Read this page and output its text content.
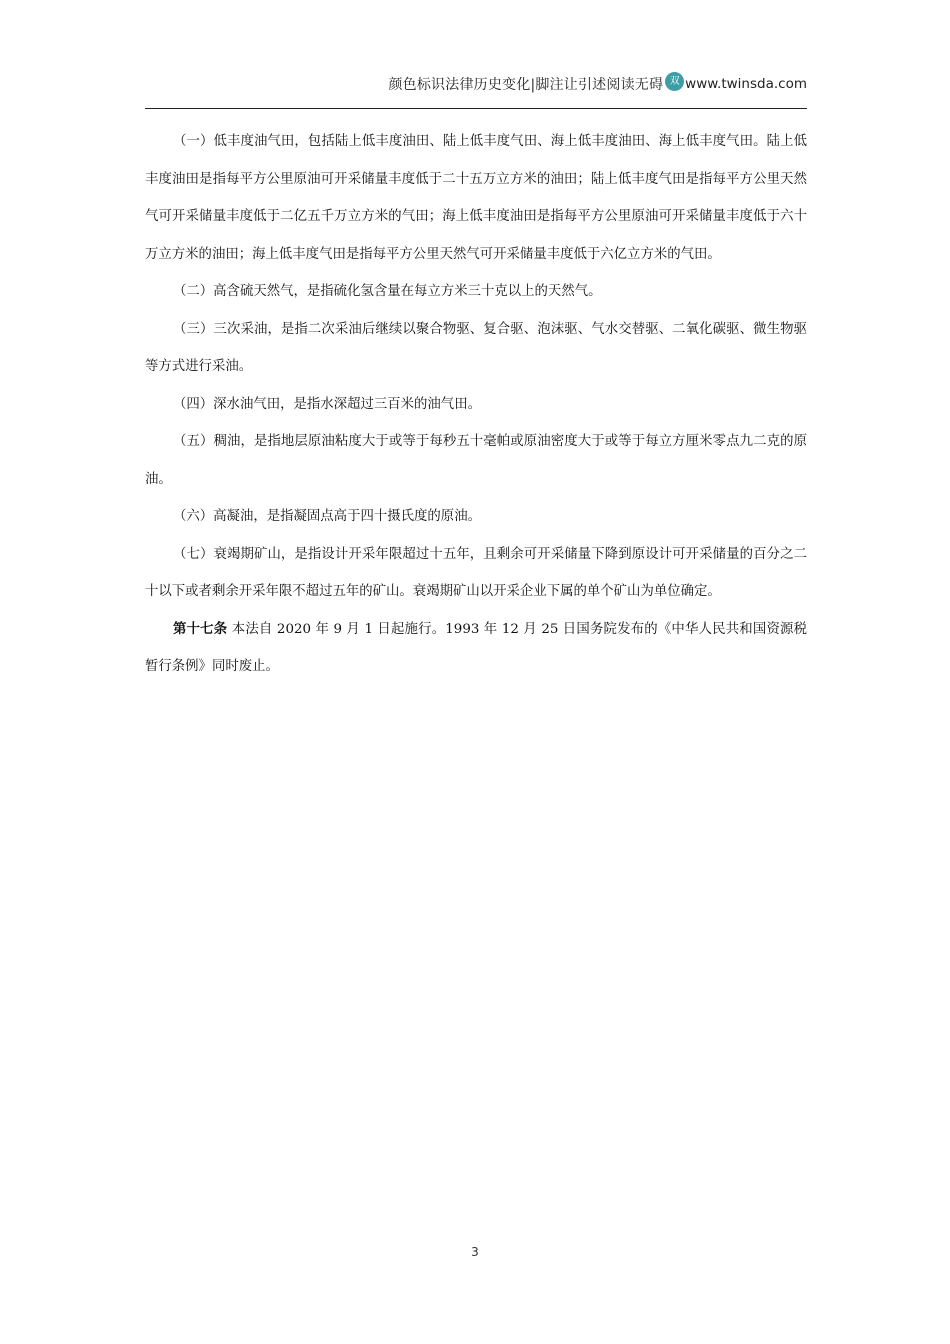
颜色标识法律历史变化|脚注让引述阅读无碍 双 www.twinsda.com

（一）低丰度油气田，包括陆上低丰度油田、陆上低丰度气田、海上低丰度油田、海上低丰度气田。陆上低丰度油田是指每平方公里原油可开采储量丰度低于二十五万立方米的油田；陆上低丰度气田是指每平方公里天然气可开采储量丰度低于二亿五千万立方米的气田；海上低丰度油田是指每平方公里原油可开采储量丰度低于六十万立方米的油田；海上低丰度气田是指每平方公里天然气可开采储量丰度低于六亿立方米的气田。

（二）高含硫天然气，是指硫化氢含量在每立方米三十克以上的天然气。

（三）三次采油，是指二次采油后继续以聚合物驱、复合驱、泡沫驱、气水交替驱、二氧化碳驱、微生物驱等方式进行采油。

（四）深水油气田，是指水深超过三百米的油气田。

（五）稠油，是指地层原油粘度大于或等于每秒五十毫帕或原油密度大于或等于每立方厘米零点九二克的原油。

（六）高凝油，是指凝固点高于四十摄氏度的原油。

（七）衰竭期矿山，是指设计开采年限超过十五年，且剩余可开采储量下降到原设计可开采储量的百分之二十以下或者剩余开采年限不超过五年的矿山。衰竭期矿山以开采企业下属的单个矿山为单位确定。

第十七条 本法自 2020 年 9 月 1 日起施行。1993 年 12 月 25 日国务院发布的《中华人民共和国资源税暂行条例》同时废止。

3
